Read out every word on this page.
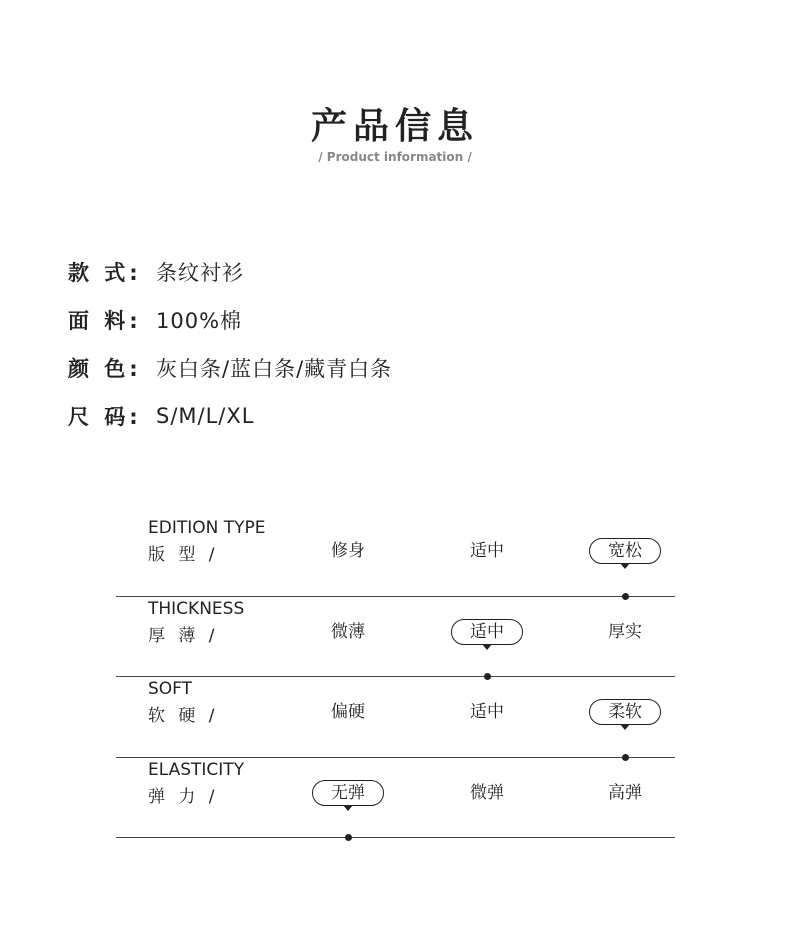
产品信息
/ Product information /
款 式: 条纹衬衫
面 料: 100%棉
颜 色: 灰白条/蓝白条/藏青白条
尺 码: S/M/L/XL
EDITION TYPE
版 型 /	修身	适中	宽松
THICKNESS
厚 薄 /	微薄	适中	厚实
SOFT
软 硬 /	偏硬	适中	柔软
ELASTICITY
弹 力 /	无弹	微弹	高弹
